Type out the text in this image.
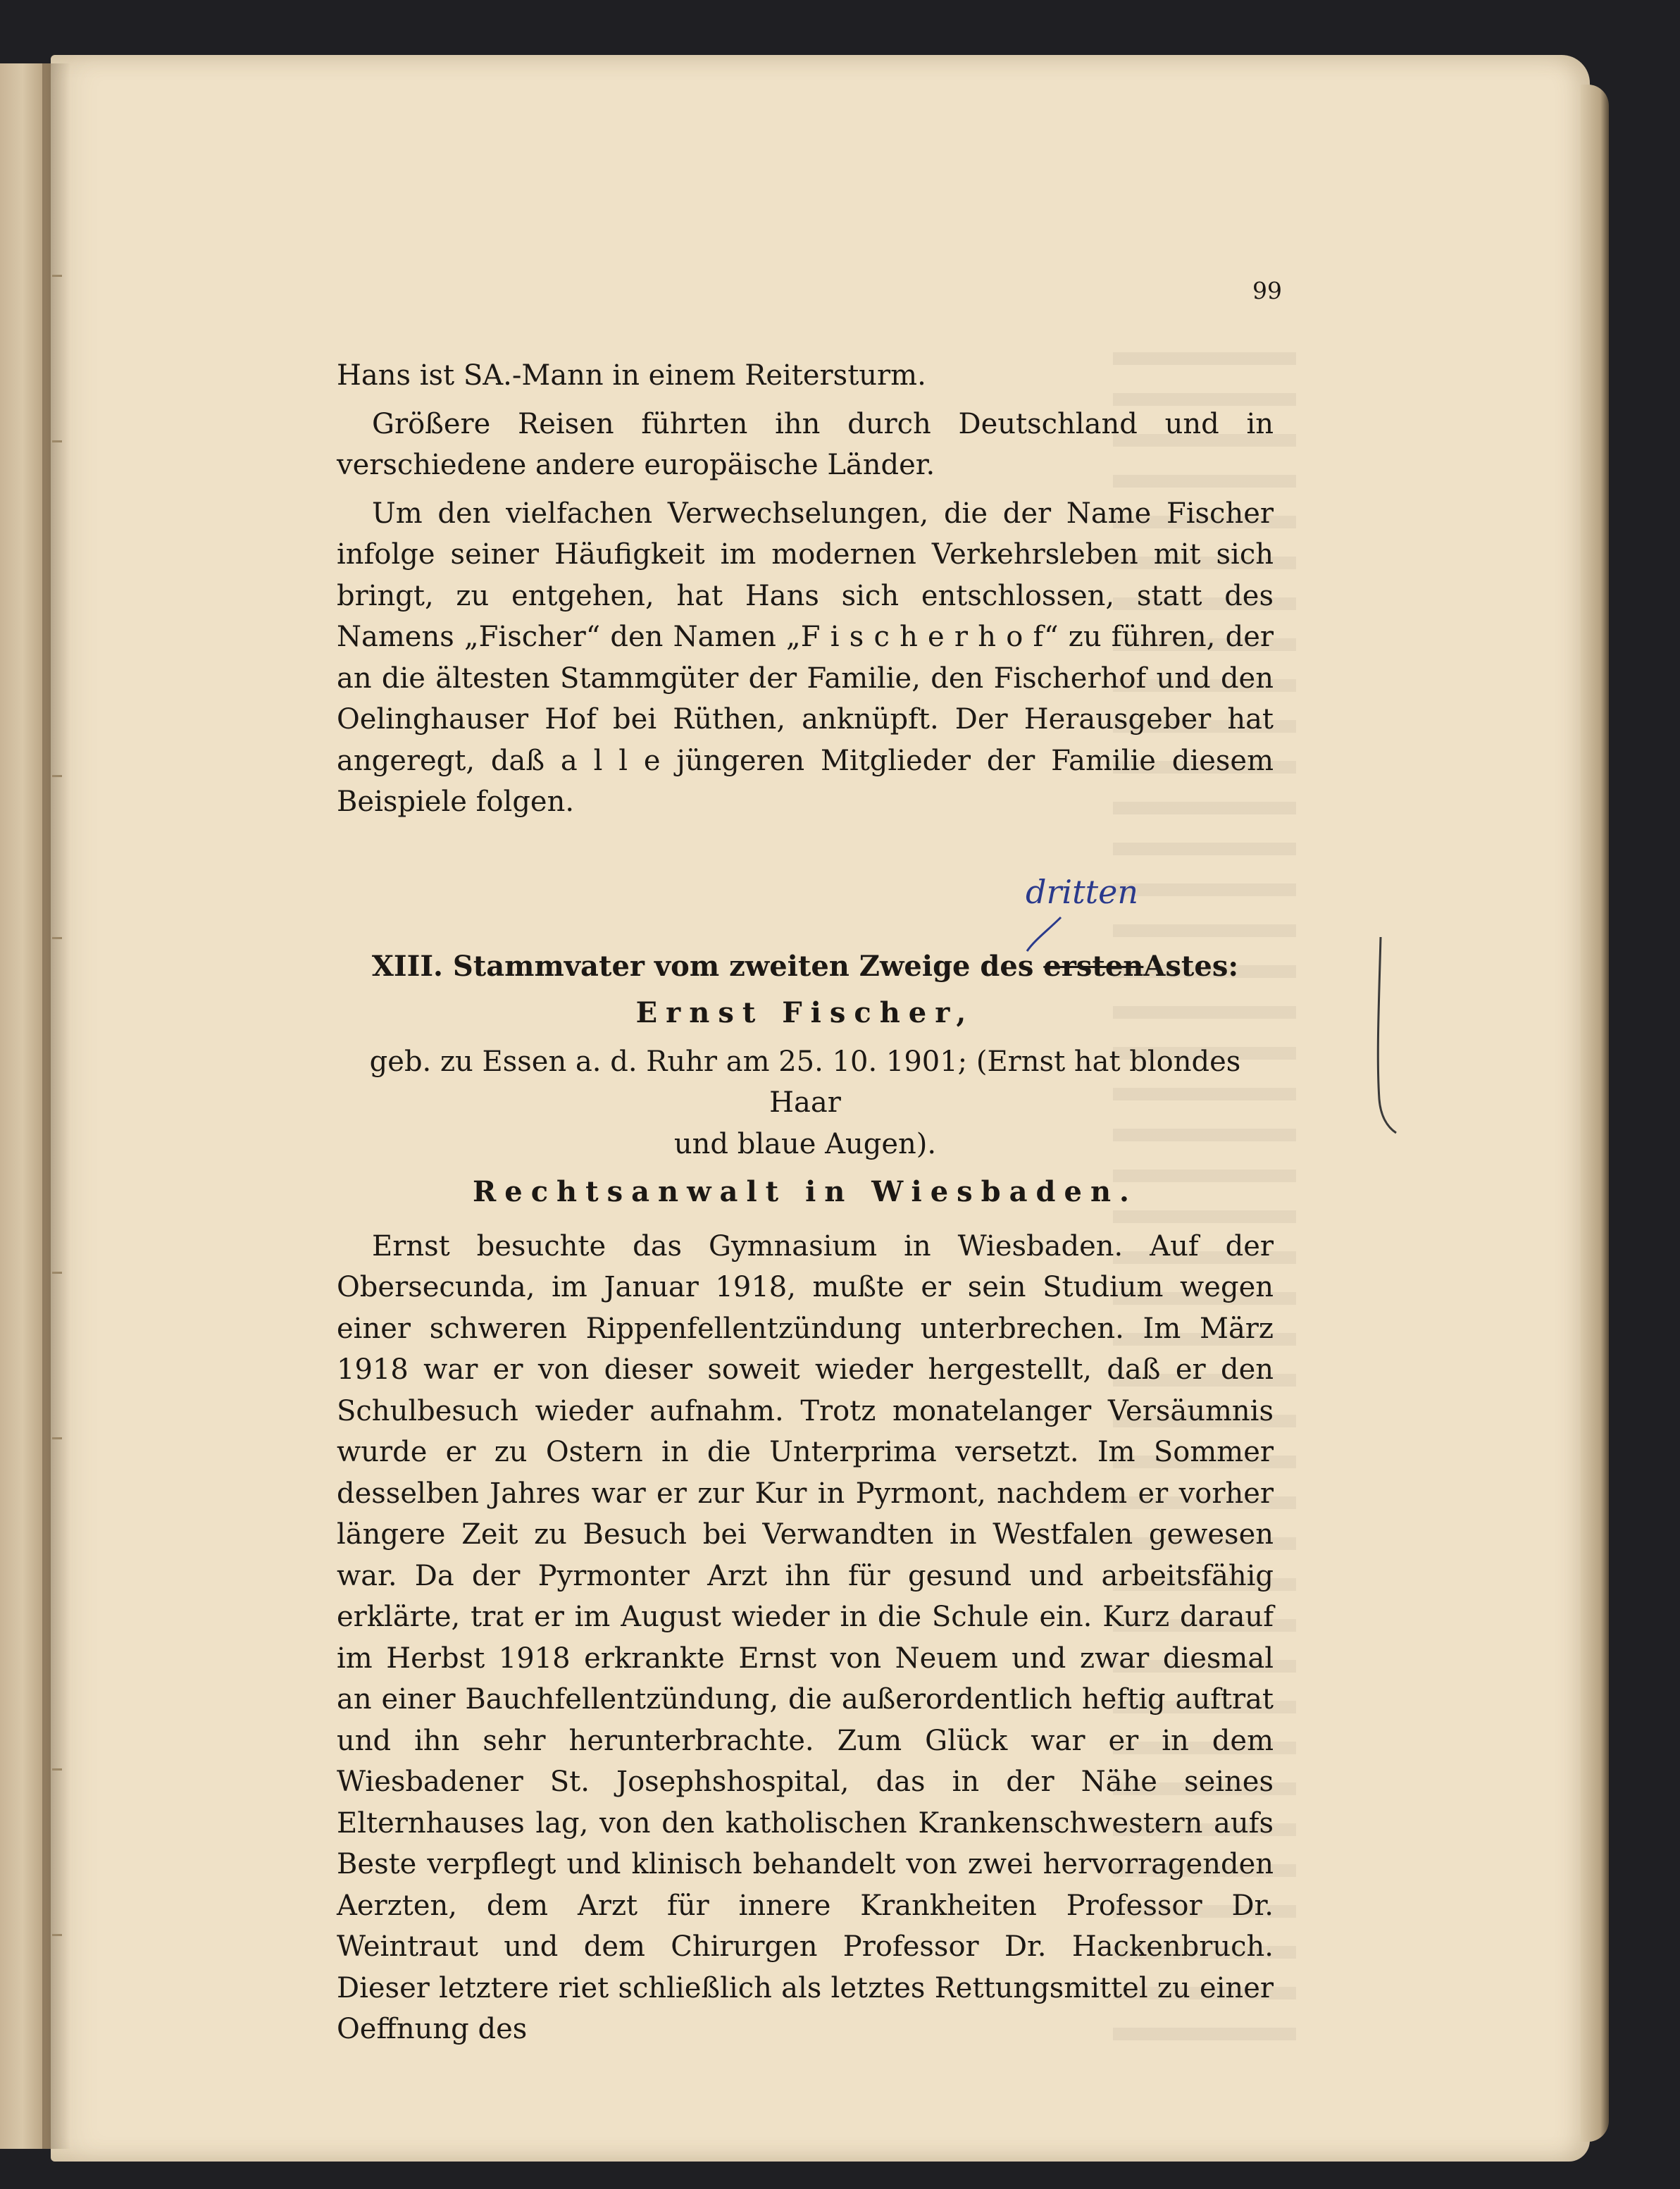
99

Hans ist SA.-Mann in einem Reitersturm.

Größere Reisen führten ihn durch Deutschland und in verschiedene andere europäische Länder.

Um den vielfachen Verwechselungen, die der Name Fischer infolge seiner Häufigkeit im modernen Verkehrsleben mit sich bringt, zu entgehen, hat Hans sich entschlossen, statt des Namens „Fischer“ den Namen „F i s c h e r h o f“ zu führen, der an die ältesten Stammgüter der Familie, den Fischerhof und den Oelinghauser Hof bei Rüthen, anknüpft. Der Herausgeber hat angeregt, daß a l l e jüngeren Mitglieder der Familie diesem Beispiele folgen.

XIII. Stammvater vom zweiten Zweige des erstenAstes:

Ernst Fischer,

geb. zu Essen a. d. Ruhr am 25. 10. 1901; (Ernst hat blondes Haar

und blaue Augen).

Rechtsanwalt in Wiesbaden.

Ernst besuchte das Gymnasium in Wiesbaden. Auf der Obersecunda, im Januar 1918, mußte er sein Studium wegen einer schweren Rippenfellentzündung unterbrechen. Im März 1918 war er von dieser soweit wieder hergestellt, daß er den Schulbesuch wieder aufnahm. Trotz monatelanger Versäumnis wurde er zu Ostern in die Unterprima versetzt. Im Sommer desselben Jahres war er zur Kur in Pyrmont, nachdem er vorher längere Zeit zu Besuch bei Verwandten in Westfalen gewesen war. Da der Pyrmonter Arzt ihn für gesund und arbeitsfähig erklärte, trat er im August wieder in die Schule ein. Kurz darauf im Herbst 1918 erkrankte Ernst von Neuem und zwar diesmal an einer Bauchfellentzündung, die außerordentlich heftig auftrat und ihn sehr herunterbrachte. Zum Glück war er in dem Wiesbadener St. Josephshospital, das in der Nähe seines Elternhauses lag, von den katholischen Krankenschwestern aufs Beste verpflegt und klinisch behandelt von zwei hervorragenden Aerzten, dem Arzt für innere Krankheiten Professor Dr. Weintraut und dem Chirurgen Professor Dr. Hackenbruch. Dieser letztere riet schließlich als letztes Rettungsmittel zu einer Oeffnung des

dritten
